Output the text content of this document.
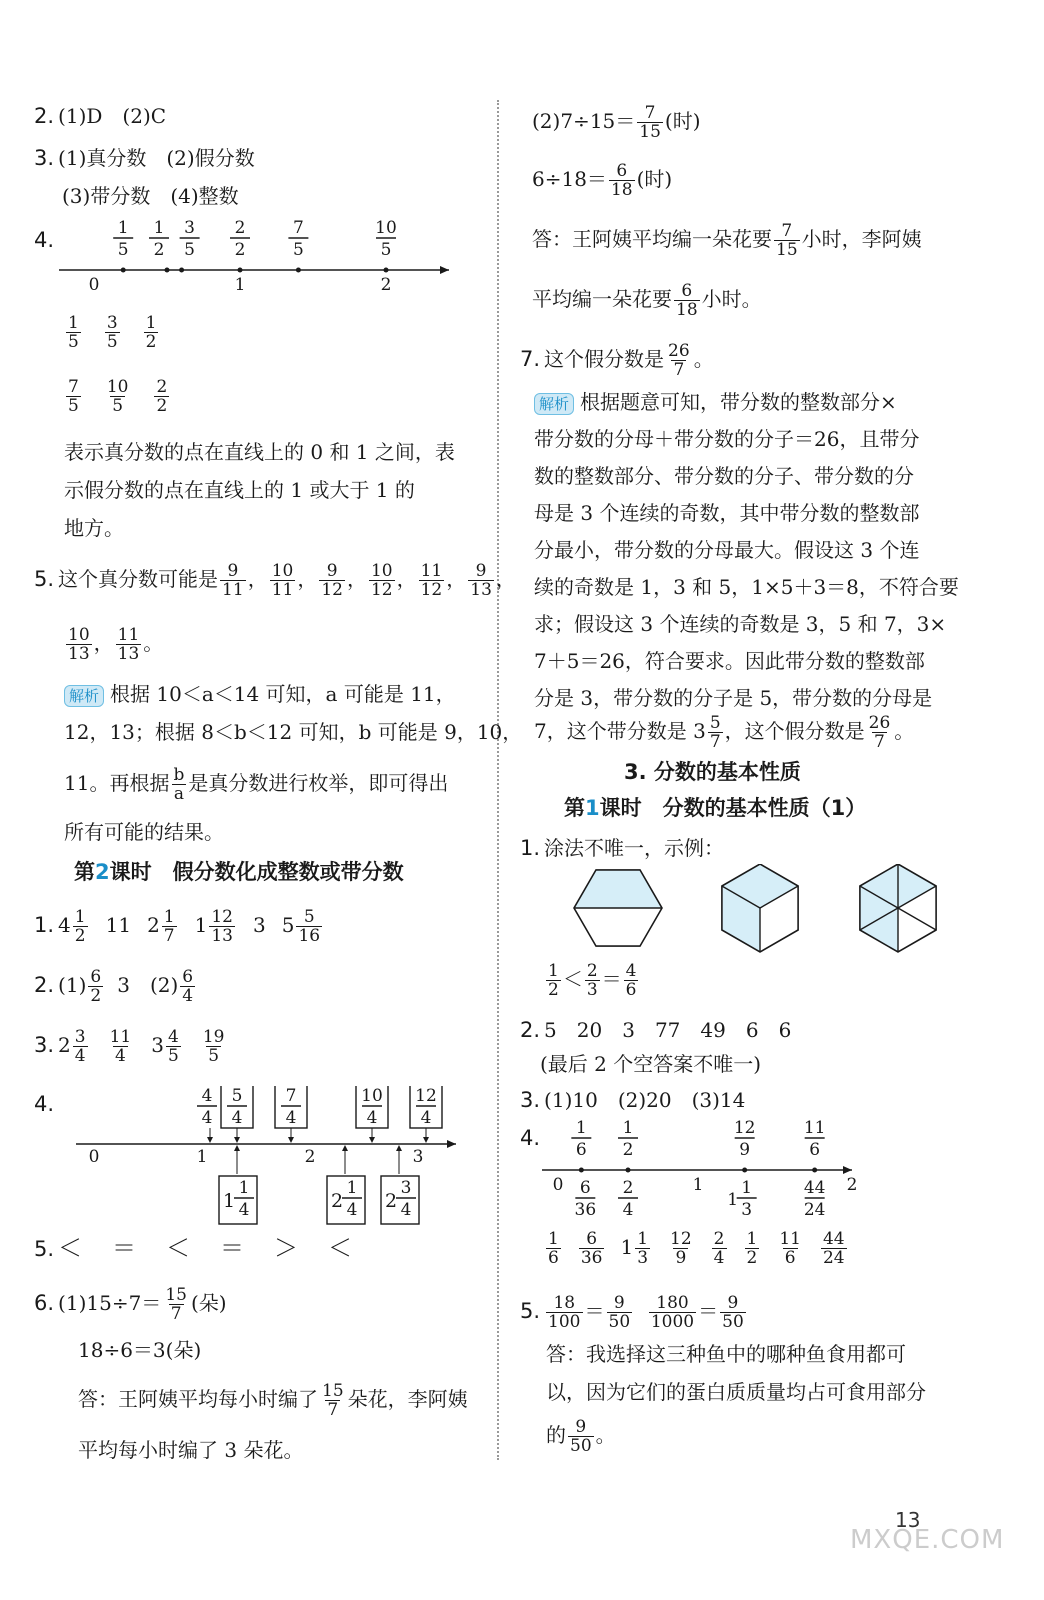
2. (1)D　(2)C
3. (1)真分数　(2)假分数
(3)带分数　(4)整数
4.
0	1	2
1
5
1
2
3
5
2
2
7
5
10
5
$\frac{1}{5} \frac{3}{5} \frac{1}{2}$
$\frac{7}{5} \frac{10}{5} \frac{2}{2}$
表示真分数的点在直线上的 0 和 1 之间，表
示假分数的点在直线上的 1 或大于 1 的
地方。
5. 这个真分数可能是 $\frac{9}{11}$ ， $\frac{10}{11}$ ， $\frac{9}{12}$ ， $\frac{10}{12}$ ， $\frac{11}{12}$ ， $\frac{9}{13}$ ，
$\frac{10}{13}$ ， $\frac{11}{13}$ 。
解析 根据 10＜a＜14 可知，a 可能是 11，
12，13；根据 8＜b＜12 可知，b 可能是 9，10，
11。再根据 $\frac{b}{a}$ 是真分数进行枚举，即可得出
所有可能的结果。
第2课时　假分数化成整数或带分数
1. $4 \frac{1}{2} 11$ $2 \frac{1}{7} 1 \frac{12}{13} 3$ $5 \frac{5}{16}$
2. $(1) \frac{6}{2} 3$　$(2) \frac{6}{4}$
3. $2 \frac{3}{4} \frac{11}{4} 3 \frac{4}{5} \frac{19}{5}$
4.
0	1	2	3
4
4
5
4
7
4
10
4
12
4
1
1
4	2
1
4 2
3
4
5. ＜　＝　＜　＝　＞　＜
6. $(1)15\div 7= \frac{15}{7}$ (朵)
18÷6＝3(朵)
答：王阿姨平均每小时编了 $\frac{15}{7}$ 朵花，李阿姨
平均每小时编了 3 朵花。
$(2)7\div 15= \frac{7}{15}$ (时)
$6\div 18= \frac{6}{18}$ (时)
答：王阿姨平均编一朵花要 $\frac{7}{15}$ 小时，李阿姨
平均编一朵花要 $\frac{6}{18}$ 小时。
7. 这个假分数是 $\frac{26}{7}$ 。
解析 根据题意可知，带分数的整数部分×
带分数的分母＋带分数的分子＝26，且带分
数的整数部分、带分数的分子、带分数的分
母是 3 个连续的奇数，其中带分数的整数部
分最小，带分数的分母最大。假设这 3 个连
续的奇数是 1，3 和 5，1×5＋3＝8，不符合要
求；假设这 3 个连续的奇数是 3，5 和 7，3×
7＋5＝26，符合要求。因此带分数的整数部
分是 3，带分数的分子是 5，带分数的分母是
7，这个带分数是 $3 \frac{5}{7}$ ，这个假分数是 $\frac{26}{7}$ 。
3. 分数的基本性质
第1课时　分数的基本性质（1）
1. 涂法不唯一，示例：
$\frac{1}{2} < \frac{2}{3} = \frac{4}{6}$
2. 5　20　3　77　49　6　6
(最后 2 个空答案不唯一)
3. (1)10　(2)20　(3)14
4.
0	1	2
1
6
1
2
12
9
11
6
6
36
2
4
44
24
1
1
3
$\frac{1}{6} \frac{6}{36} 1 \frac{1}{3} \frac{12}{9} \frac{2}{4} \frac{1}{2} \frac{11}{6} \frac{44}{24}$
5. $\frac{18}{100} = \frac{9}{50}$
$\frac{180}{1000} = \frac{9}{50}$
答：我选择这三种鱼中的哪种鱼食用都可
以，因为它们的蛋白质质量均占可食用部分
的 $\frac{9}{50}$ 。
13
MXQE.COM
